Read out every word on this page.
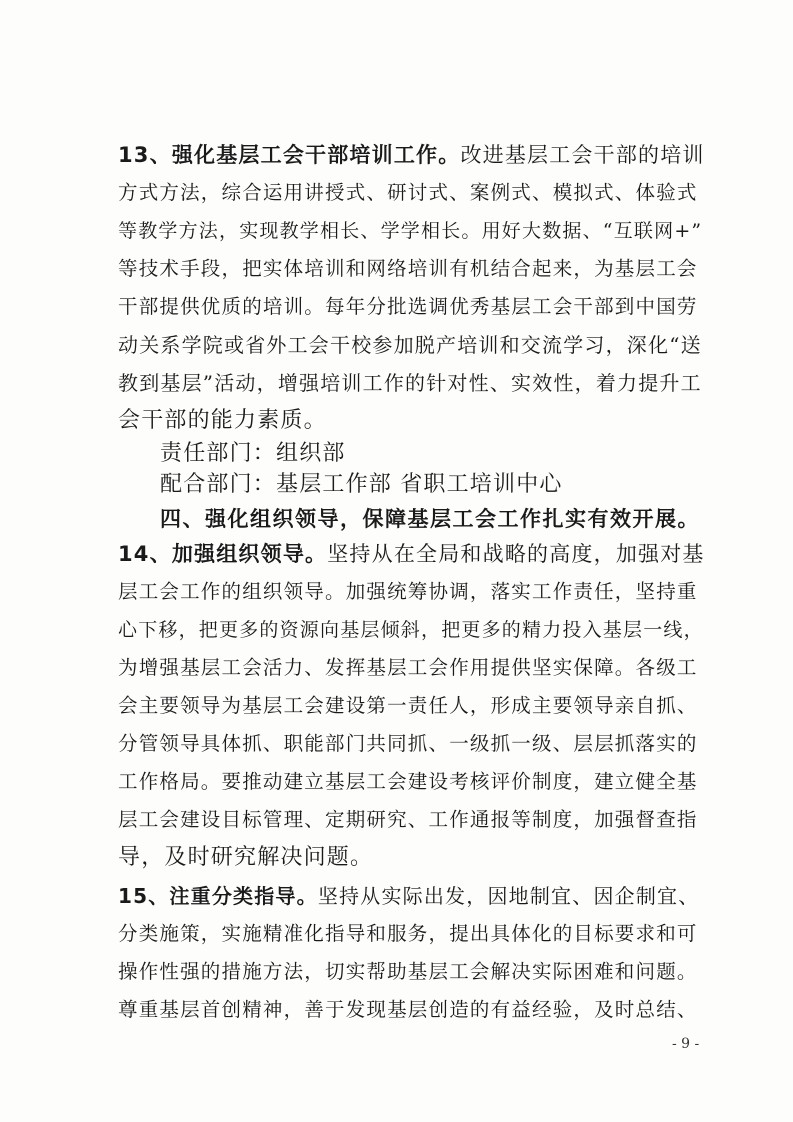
13、强化基层工会干部培训工作。改进基层工会干部的培训
方式方法，综合运用讲授式、研讨式、案例式、模拟式、体验式
等教学方法，实现教学相长、学学相长。用好大数据、“互联网+”
等技术手段，把实体培训和网络培训有机结合起来，为基层工会
干部提供优质的培训。每年分批选调优秀基层工会干部到中国劳
动关系学院或省外工会干校参加脱产培训和交流学习，深化“送
教到基层”活动，增强培训工作的针对性、实效性，着力提升工
会干部的能力素质。
责任部门：组织部
配合部门：基层工作部 省职工培训中心
四、强化组织领导，保障基层工会工作扎实有效开展。
14、加强组织领导。坚持从在全局和战略的高度，加强对基
层工会工作的组织领导。加强统筹协调，落实工作责任，坚持重
心下移，把更多的资源向基层倾斜，把更多的精力投入基层一线，
为增强基层工会活力、发挥基层工会作用提供坚实保障。各级工
会主要领导为基层工会建设第一责任人，形成主要领导亲自抓、
分管领导具体抓、职能部门共同抓、一级抓一级、层层抓落实的
工作格局。要推动建立基层工会建设考核评价制度，建立健全基
层工会建设目标管理、定期研究、工作通报等制度，加强督查指
导，及时研究解决问题。
15、注重分类指导。坚持从实际出发，因地制宜、因企制宜、
分类施策，实施精准化指导和服务，提出具体化的目标要求和可
操作性强的措施方法，切实帮助基层工会解决实际困难和问题。
尊重基层首创精神，善于发现基层创造的有益经验，及时总结、
- 9 -
